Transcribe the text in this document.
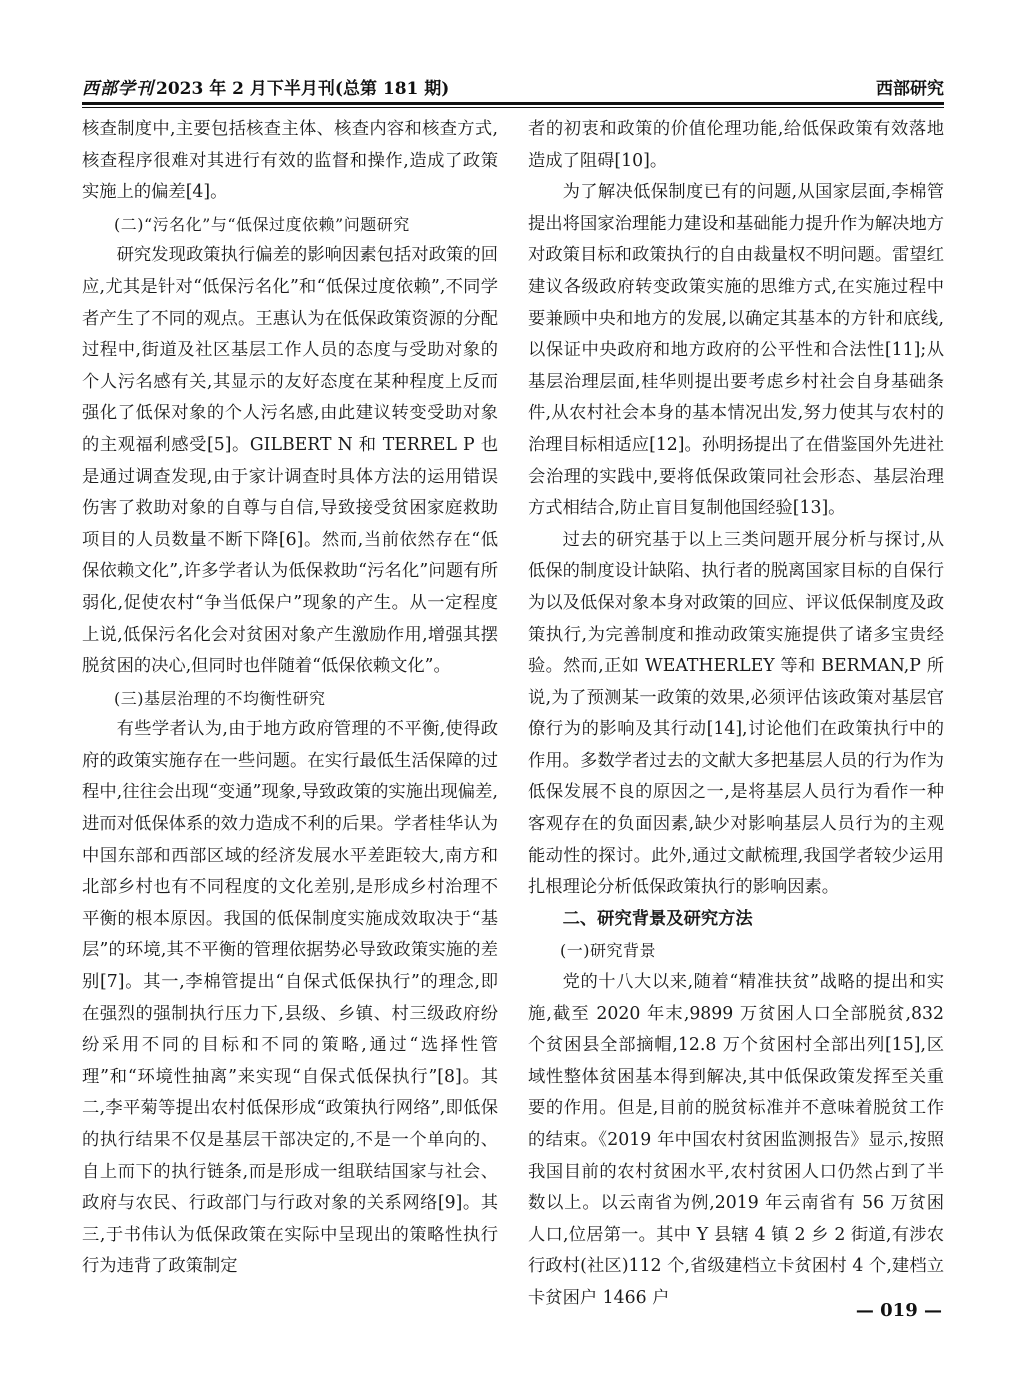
西部学刊 2023 年 2 月下半月刊(总第 181 期)	西部研究

核查制度中,主要包括核查主体、核查内容和核查方式,核查程序很难对其进行有效的监督和操作,造成了政策实施上的偏差[4]。

(二)“污名化”与“低保过度依赖”问题研究

研究发现政策执行偏差的影响因素包括对政策的回应,尤其是针对“低保污名化”和“低保过度依赖”,不同学者产生了不同的观点。王惠认为在低保政策资源的分配过程中,街道及社区基层工作人员的态度与受助对象的个人污名感有关,其显示的友好态度在某种程度上反而强化了低保对象的个人污名感,由此建议转变受助对象的主观福利感受[5]。GILBERT N 和 TERREL P 也是通过调查发现,由于家计调查时具体方法的运用错误伤害了救助对象的自尊与自信,导致接受贫困家庭救助项目的人员数量不断下降[6]。然而,当前依然存在“低保依赖文化”,许多学者认为低保救助“污名化”问题有所弱化,促使农村“争当低保户”现象的产生。从一定程度上说,低保污名化会对贫困对象产生激励作用,增强其摆脱贫困的决心,但同时也伴随着“低保依赖文化”。

(三)基层治理的不均衡性研究

有些学者认为,由于地方政府管理的不平衡,使得政府的政策实施存在一些问题。在实行最低生活保障的过程中,往往会出现“变通”现象,导致政策的实施出现偏差,进而对低保体系的效力造成不利的后果。学者桂华认为中国东部和西部区域的经济发展水平差距较大,南方和北部乡村也有不同程度的文化差别,是形成乡村治理不平衡的根本原因。我国的低保制度实施成效取决于“基层”的环境,其不平衡的管理依据势必导致政策实施的差别[7]。其一,李棉管提出“自保式低保执行”的理念,即在强烈的强制执行压力下,县级、乡镇、村三级政府纷纷采用不同的目标和不同的策略,通过“选择性管理”和“环境性抽离”来实现“自保式低保执行”[8]。其二,李平菊等提出农村低保形成“政策执行网络”,即低保的执行结果不仅是基层干部决定的,不是一个单向的、自上而下的执行链条,而是形成一组联结国家与社会、政府与农民、行政部门与行政对象的关系网络[9]。其三,于书伟认为低保政策在实际中呈现出的策略性执行行为违背了政策制定

者的初衷和政策的价值伦理功能,给低保政策有效落地造成了阻碍[10]。

为了解决低保制度已有的问题,从国家层面,李棉管提出将国家治理能力建设和基础能力提升作为解决地方对政策目标和政策执行的自由裁量权不明问题。雷望红建议各级政府转变政策实施的思维方式,在实施过程中要兼顾中央和地方的发展,以确定其基本的方针和底线,以保证中央政府和地方政府的公平性和合法性[11];从基层治理层面,桂华则提出要考虑乡村社会自身基础条件,从农村社会本身的基本情况出发,努力使其与农村的治理目标相适应[12]。孙明扬提出了在借鉴国外先进社会治理的实践中,要将低保政策同社会形态、基层治理方式相结合,防止盲目复制他国经验[13]。

过去的研究基于以上三类问题开展分析与探讨,从低保的制度设计缺陷、执行者的脱离国家目标的自保行为以及低保对象本身对政策的回应、评议低保制度及政策执行,为完善制度和推动政策实施提供了诸多宝贵经验。然而,正如 WEATHERLEY 等和 BERMAN,P 所说,为了预测某一政策的效果,必须评估该政策对基层官僚行为的影响及其行动[14],讨论他们在政策执行中的作用。多数学者过去的文献大多把基层人员的行为作为低保发展不良的原因之一,是将基层人员行为看作一种客观存在的负面因素,缺少对影响基层人员行为的主观能动性的探讨。此外,通过文献梳理,我国学者较少运用扎根理论分析低保政策执行的影响因素。

二、研究背景及研究方法

(一)研究背景

党的十八大以来,随着“精准扶贫”战略的提出和实施,截至 2020 年末,9899 万贫困人口全部脱贫,832 个贫困县全部摘帽,12.8 万个贫困村全部出列[15],区域性整体贫困基本得到解决,其中低保政策发挥至关重要的作用。但是,目前的脱贫标准并不意味着脱贫工作的结束。《2019 年中国农村贫困监测报告》显示,按照我国目前的农村贫困水平,农村贫困人口仍然占到了半数以上。以云南省为例,2019 年云南省有 56 万贫困人口,位居第一。其中 Y 县辖 4 镇 2 乡 2 街道,有涉农行政村(社区)112 个,省级建档立卡贫困村 4 个,建档立卡贫困户 1466 户

— 019 —
